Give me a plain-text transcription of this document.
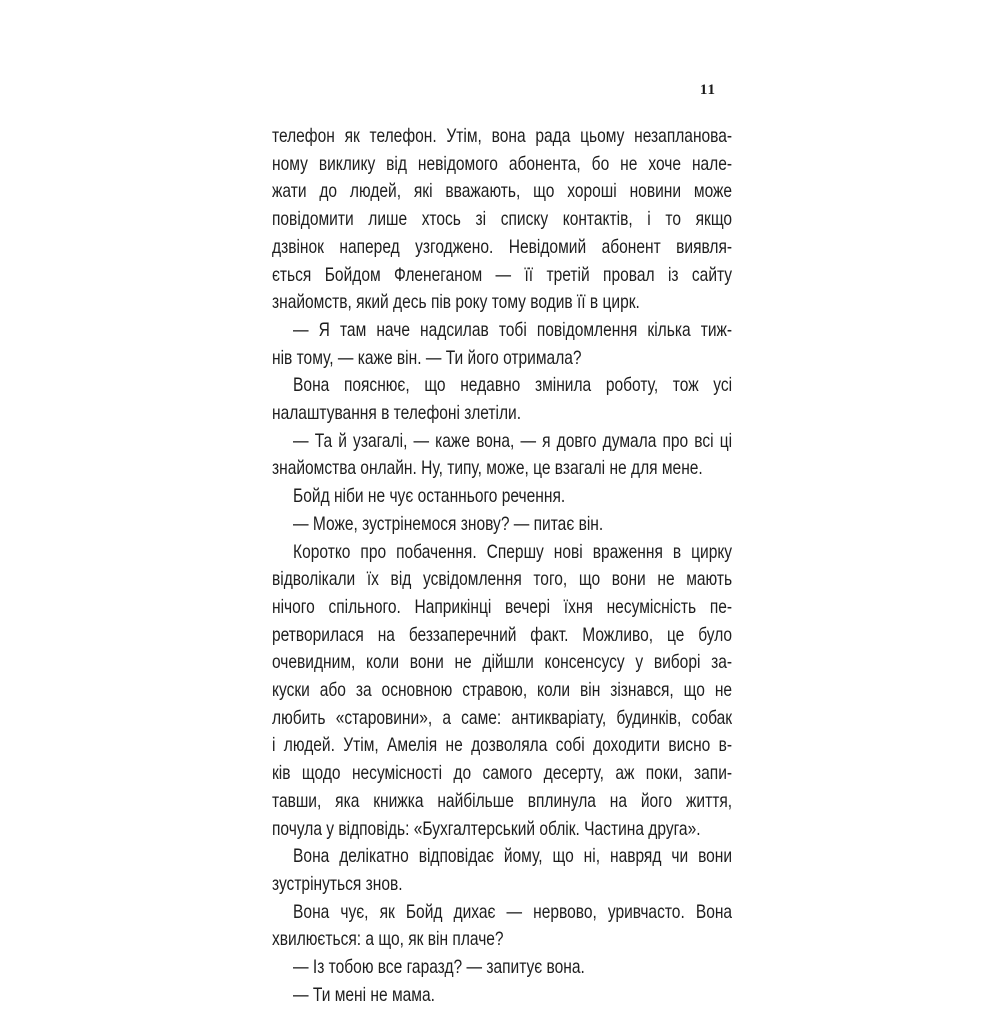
11
телефон як телефон. Утім, вона рада цьому незапланова-
ному виклику від невідомого абонента, бо не хоче нале-
жати до людей, які вважають, що хороші новини може
повідомити лише хтось зі списку контактів, і то якщо
дзвінок наперед узгоджено. Невідомий абонент виявля-
ється Бойдом Фленеганом — її третій провал із сайту
знайомств, який десь пів року тому водив її в цирк.
— Я там наче надсилав тобі повідомлення кілька тиж-
нів тому, — каже він. — Ти його отримала?
Вона пояснює, що недавно змінила роботу, тож усі
налаштування в телефоні злетіли.
— Та й узагалі, — каже вона, — я довго думала про всі ці
знайомства онлайн. Ну, типу, може, це взагалі не для мене.
Бойд ніби не чує останнього речення.
— Може, зустрінемося знову? — питає він.
Коротко про побачення. Спершу нові враження в цирку
відволікали їх від усвідомлення того, що вони не мають
нічого спільного. Наприкінці вечері їхня несумісність пе-
ретворилася на беззаперечний факт. Можливо, це було
очевидним, коли вони не дійшли консенсусу у виборі за-
куски або за основною стравою, коли він зізнався, що не
любить «старовини», а саме: антикваріату, будинків, собак
і людей. Утім, Амелія не дозволяла собі доходити висно в-
ків щодо несумісності до самого десерту, аж поки, запи-
тавши, яка книжка найбільше вплинула на його життя,
почула у відповідь: «Бухгалтерський облік. Частина друга».
Вона делікатно відповідає йому, що ні, навряд чи вони
зустрінуться знов.
Вона чує, як Бойд дихає — нервово, уривчасто. Вона
хвилюється: а що, як він плаче?
— Із тобою все гаразд? — запитує вона.
— Ти мені не мама.
